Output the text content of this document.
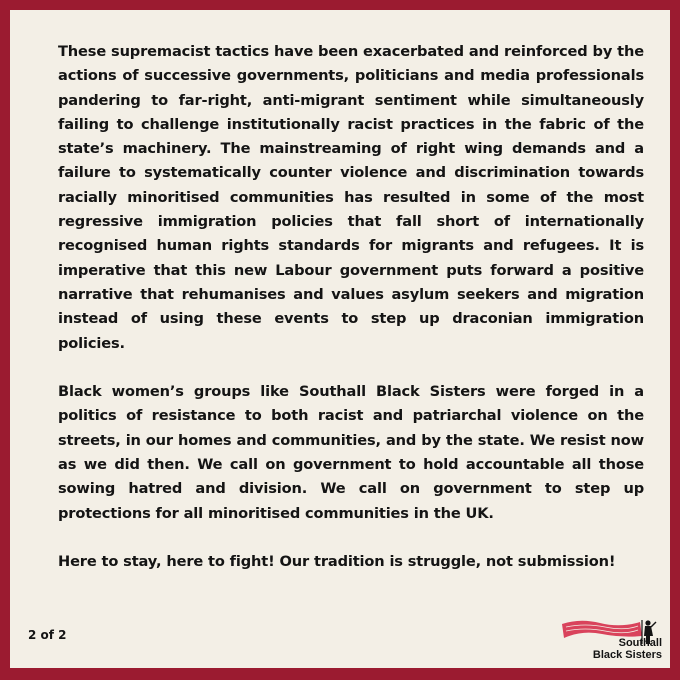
These supremacist tactics have been exacerbated and reinforced by the actions of successive governments, politicians and media professionals pandering to far-right, anti-migrant sentiment while simultaneously failing to challenge institutionally racist practices in the fabric of the state’s machinery. The mainstreaming of right wing demands and a failure to systematically counter violence and discrimination towards racially minoritised communities has resulted in some of the most regressive immigration policies that fall short of internationally recognised human rights standards for migrants and refugees. It is imperative that this new Labour government puts forward a positive narrative that rehumanises and values asylum seekers and migration instead of using these events to step up draconian immigration policies.

Black women’s groups like Southall Black Sisters were forged in a politics of resistance to both racist and patriarchal violence on the streets, in our homes and communities, and by the state. We resist now as we did then. We call on government to hold accountable all those sowing hatred and division. We call on government to step up protections for all minoritised communities in the UK.

Here to stay, here to fight! Our tradition is struggle, not submission!

2 of 2
Southall
Black Sisters
